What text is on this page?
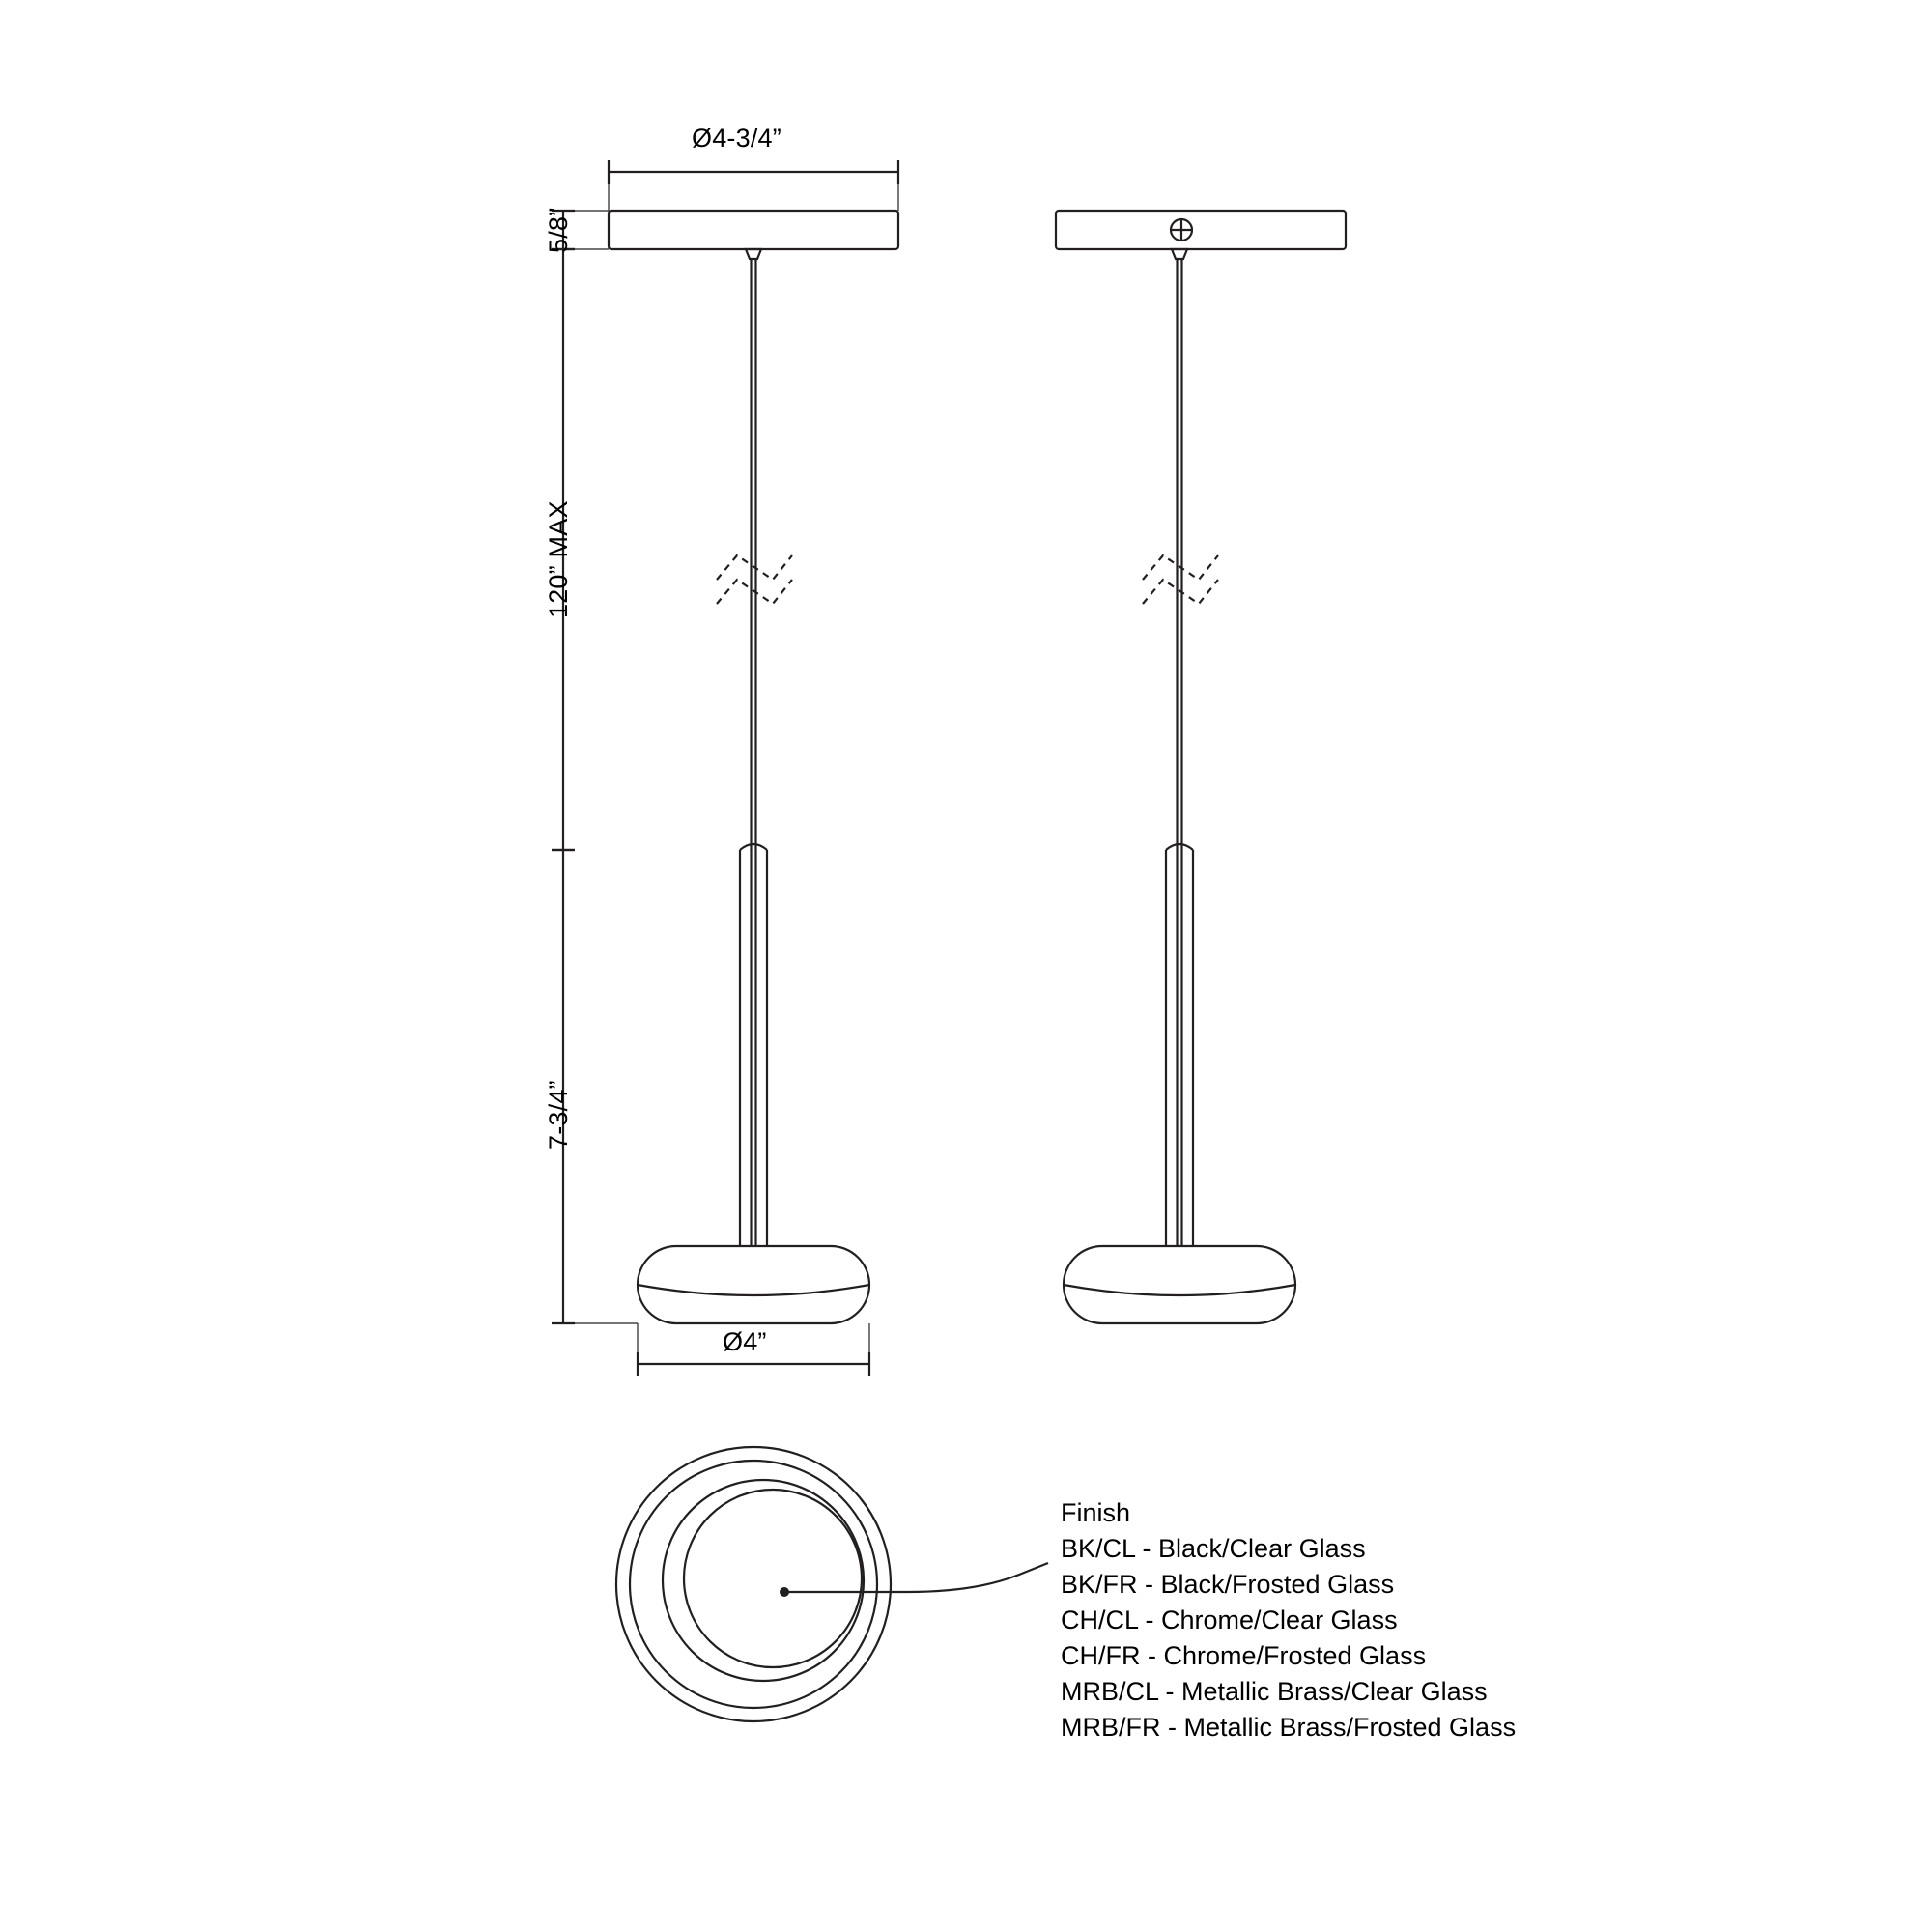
Ø4-3/4”
5/8”
120” MAX
7-3/4”
Ø4”
Finish
BK/CL - Black/Clear Glass
BK/FR - Black/Frosted Glass
CH/CL - Chrome/Clear Glass
CH/FR - Chrome/Frosted Glass
MRB/CL - Metallic Brass/Clear Glass
MRB/FR - Metallic Brass/Frosted Glass
